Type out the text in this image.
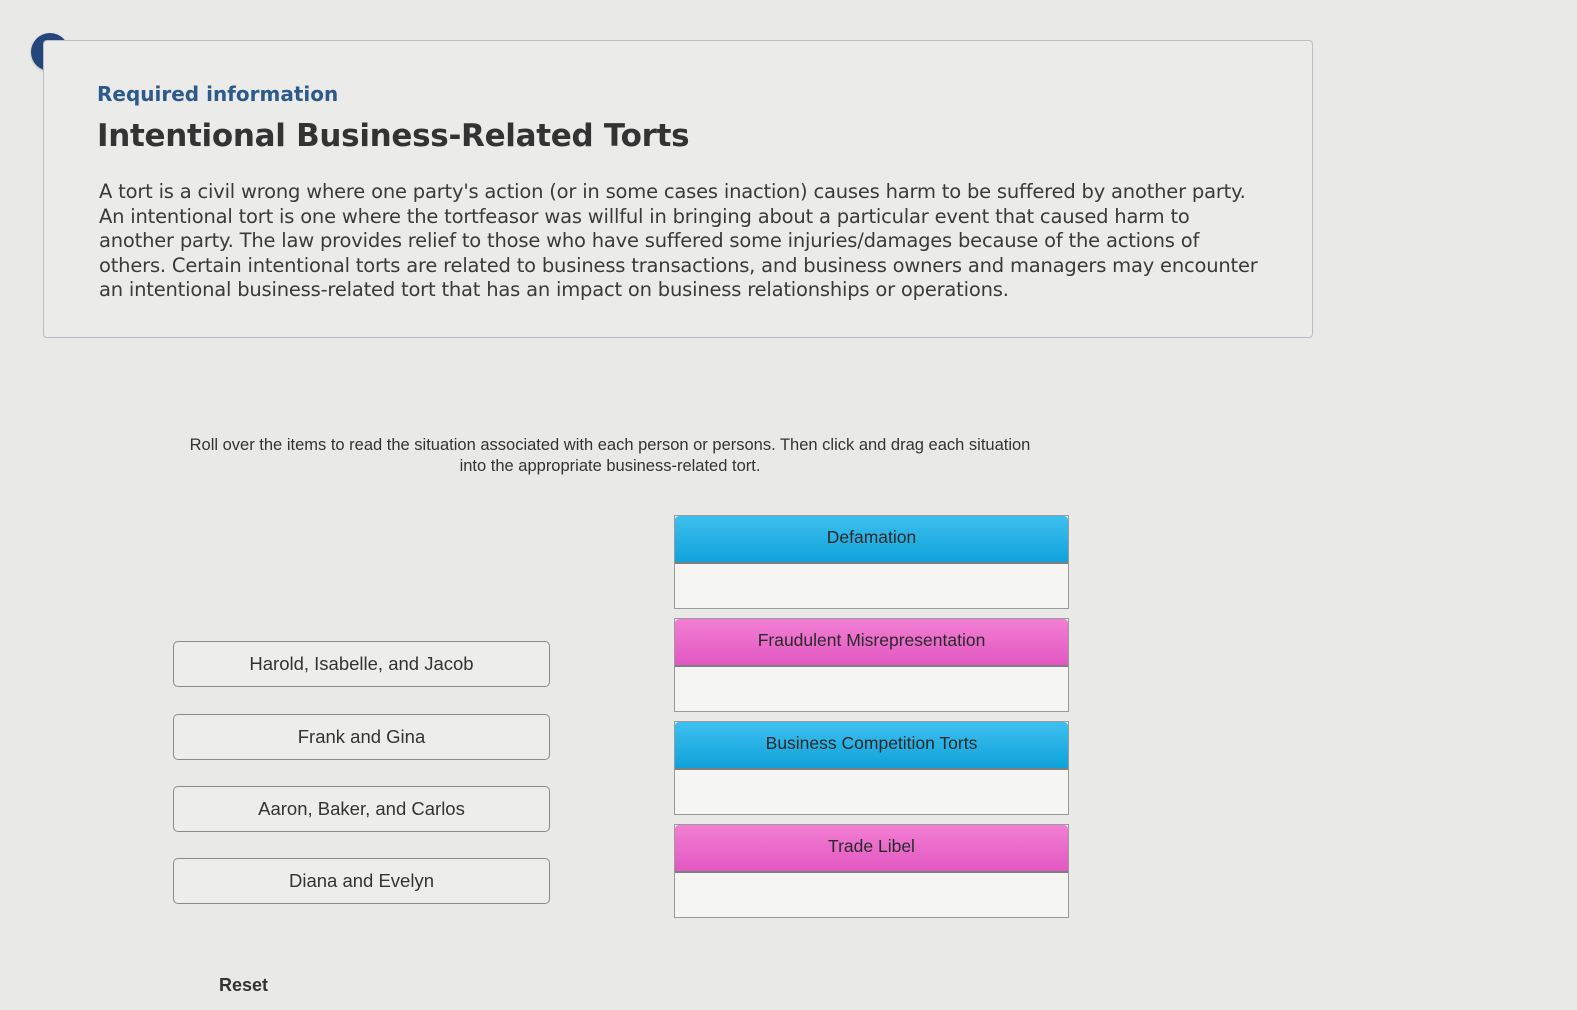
Required information
Intentional Business-Related Torts
A tort is a civil wrong where one party's action (or in some cases inaction) causes harm to be suffered by another party. An intentional tort is one where the tortfeasor was willful in bringing about a particular event that caused harm to another party. The law provides relief to those who have suffered some injuries/damages because of the actions of others. Certain intentional torts are related to business transactions, and business owners and managers may encounter an intentional business-related tort that has an impact on business relationships or operations.
Roll over the items to read the situation associated with each person or persons. Then click and drag each situation
into the appropriate business-related tort.
Harold, Isabelle, and Jacob
Frank and Gina
Aaron, Baker, and Carlos
Diana and Evelyn
Defamation
Fraudulent Misrepresentation
Business Competition Torts
Trade Libel
Reset
